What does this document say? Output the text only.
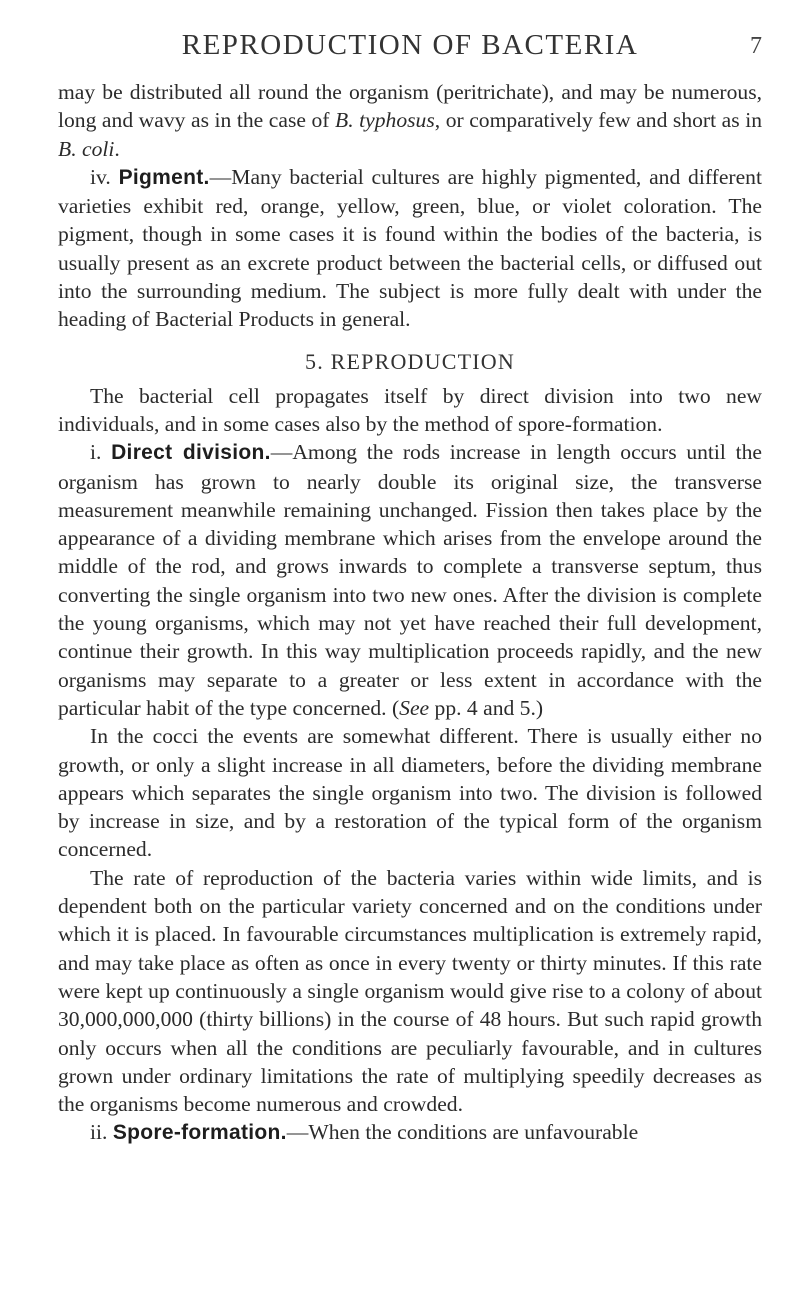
REPRODUCTION OF BACTERIA	7

may be distributed all round the organism (peritrichate), and may be numerous, long and wavy as in the case of B. typhosus, or comparatively few and short as in B. coli.

iv. Pigment.—Many bacterial cultures are highly pigmented, and different varieties exhibit red, orange, yellow, green, blue, or violet coloration. The pigment, though in some cases it is found within the bodies of the bacteria, is usually present as an excrete product between the bacterial cells, or diffused out into the surrounding medium. The subject is more fully dealt with under the heading of Bacterial Products in general.

5. REPRODUCTION

The bacterial cell propagates itself by direct division into two new individuals, and in some cases also by the method of spore-formation.

i. Direct division.—Among the rods increase in length occurs until the organism has grown to nearly double its original size, the transverse measurement meanwhile remaining unchanged. Fission then takes place by the appearance of a dividing membrane which arises from the envelope around the middle of the rod, and grows inwards to complete a transverse septum, thus converting the single organism into two new ones. After the division is complete the young organisms, which may not yet have reached their full development, continue their growth. In this way multiplication proceeds rapidly, and the new organisms may separate to a greater or less extent in accordance with the particular habit of the type concerned. (See pp. 4 and 5.)

In the cocci the events are somewhat different. There is usually either no growth, or only a slight increase in all diameters, before the dividing membrane appears which separates the single organism into two. The division is followed by increase in size, and by a restoration of the typical form of the organism concerned.

The rate of reproduction of the bacteria varies within wide limits, and is dependent both on the particular variety concerned and on the conditions under which it is placed. In favourable circumstances multiplication is extremely rapid, and may take place as often as once in every twenty or thirty minutes. If this rate were kept up continuously a single organism would give rise to a colony of about 30,000,000,000 (thirty billions) in the course of 48 hours. But such rapid growth only occurs when all the conditions are peculiarly favourable, and in cultures grown under ordinary limitations the rate of multiplying speedily decreases as the organisms become numerous and crowded.

ii. Spore-formation.—When the conditions are unfavourable
